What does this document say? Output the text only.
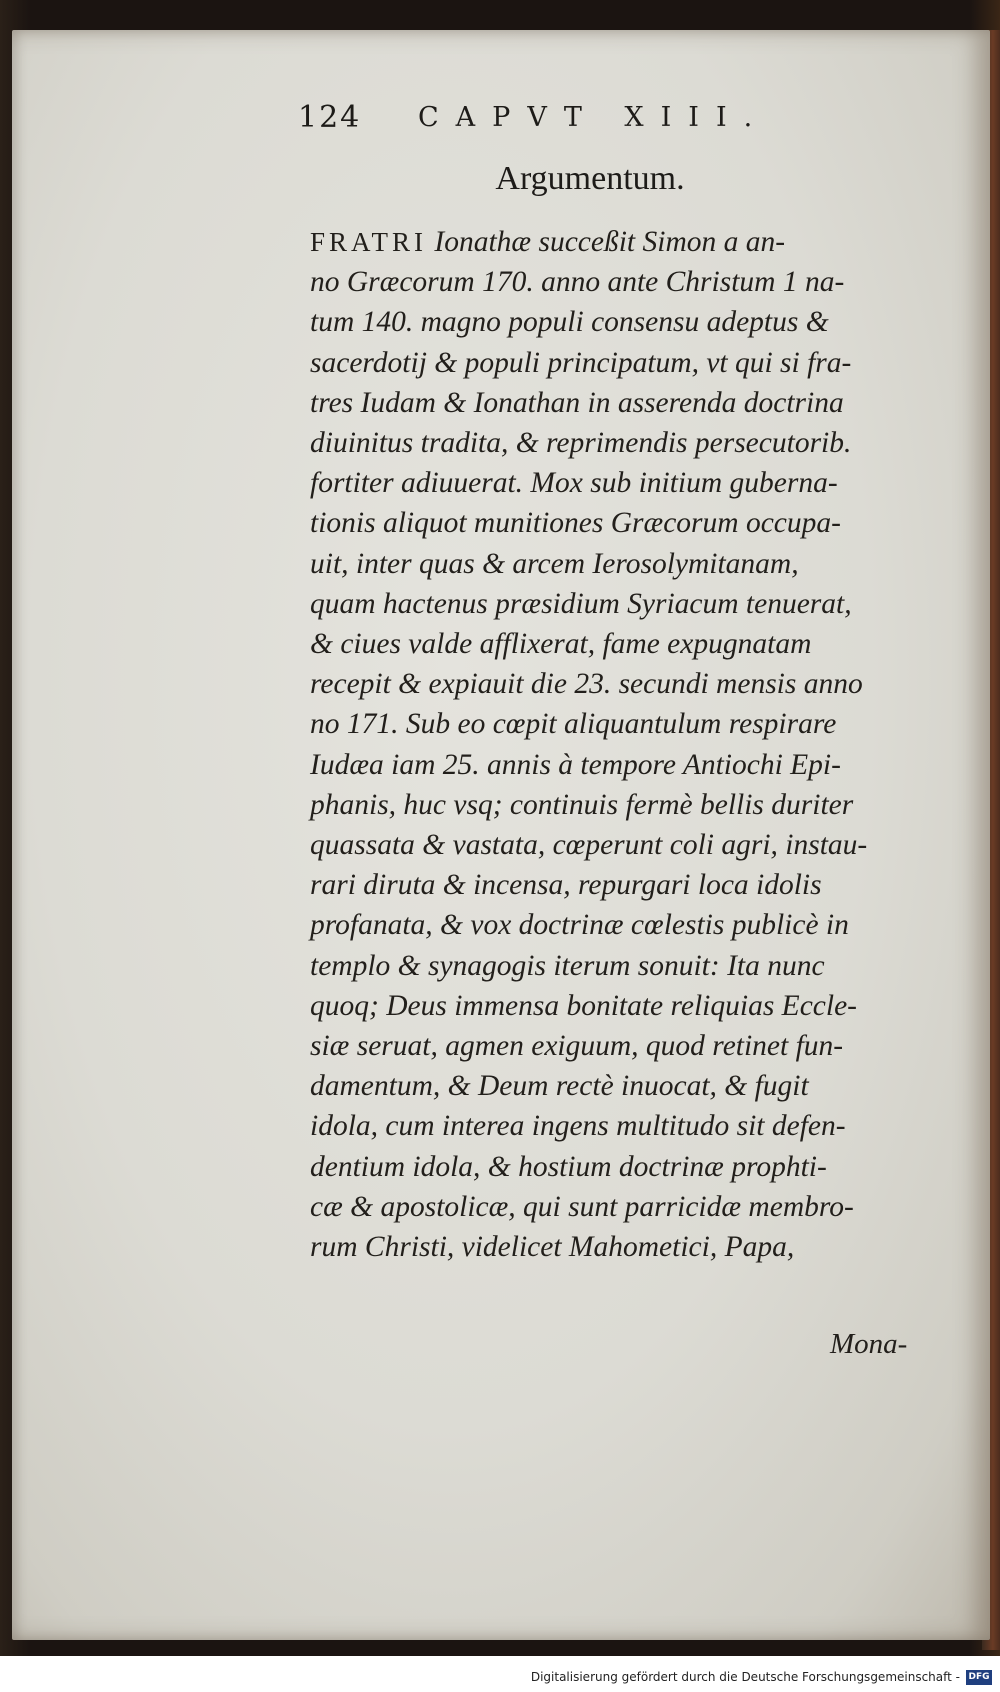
124 CAPVT XIII.
Argumentum.
FRATRI Ionathæ succeßit Simon a an-
no Græcorum 170. anno ante Christum 1 na-
tum 140. magno populi consensu adeptus &
sacerdotij & populi principatum, vt qui si fra-
tres Iudam & Ionathan in asserenda doctrina
diuinitus tradita, & reprimendis persecutorib.
fortiter adiuuerat. Mox sub initium guberna-
tionis aliquot munitiones Græcorum occupa-
uit, inter quas & arcem Ierosolymitanam,
quam hactenus præsidium Syriacum tenuerat,
& ciues valde afflixerat, fame expugnatam
recepit & expiauit die 23. secundi mensis anno
no 171. Sub eo cœpit aliquantulum respirare
Iudæa iam 25. annis à tempore Antiochi Epi-
phanis, huc vsq; continuis fermè bellis duriter
quassata & vastata, cœperunt coli agri, instau-
rari diruta & incensa, repurgari loca idolis
profanata, & vox doctrinæ cœlestis publicè in
templo & synagogis iterum sonuit: Ita nunc
quoq; Deus immensa bonitate reliquias Eccle-
siæ seruat, agmen exiguum, quod retinet fun-
damentum, & Deum rectè inuocat, & fugit
idola, cum interea ingens multitudo sit defen-
dentium idola, & hostium doctrinæ prophti-
cæ & apostolicæ, qui sunt parricidæ membro-
rum Christi, videlicet Mahometici, Papa,
Mona-
Digitalisierung gefördert durch die Deutsche Forschungsgemeinschaft - DFG
